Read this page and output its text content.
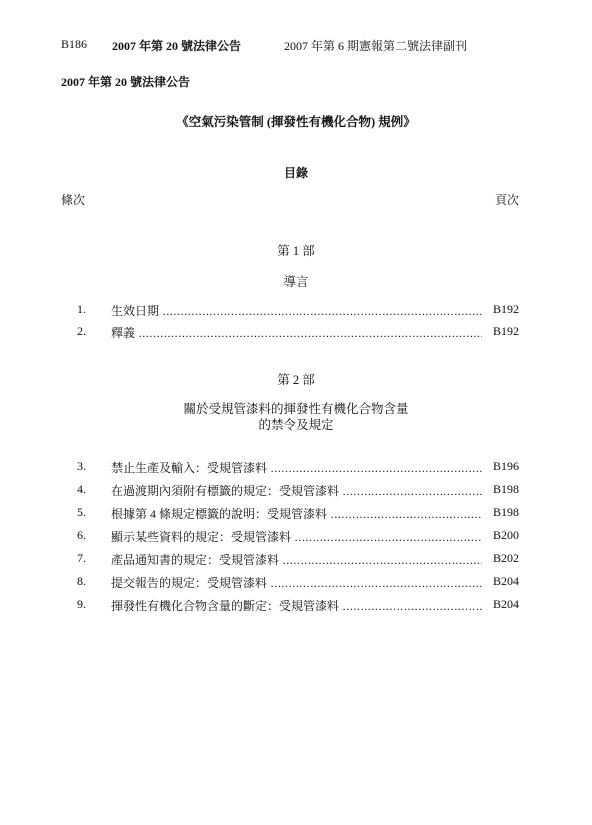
B186 2007 年第 20 號法律公告	2007 年第 6 期憲報第二號法律副刊
2007 年第 20 號法律公告
《空氣污染管制 (揮發性有機化合物) 規例》
目錄
條次	頁次
第 1 部
導言
1. 生效日期 .....	B192
2. 釋義 .....	B192
第 2 部
關於受規管漆料的揮發性有機化合物含量
的禁令及規定
3. 禁止生產及輸入：受規管漆料 .....	B196
4. 在過渡期內須附有標籤的規定：受規管漆料 .....	B198
5. 根據第 4 條規定標籤的說明：受規管漆料 .....	B198
6. 顯示某些資料的規定：受規管漆料 .....	B200
7. 產品通知書的規定：受規管漆料 .....	B202
8. 提交報告的規定：受規管漆料 .....	B204
9. 揮發性有機化合物含量的斷定：受規管漆料 .....	B204
